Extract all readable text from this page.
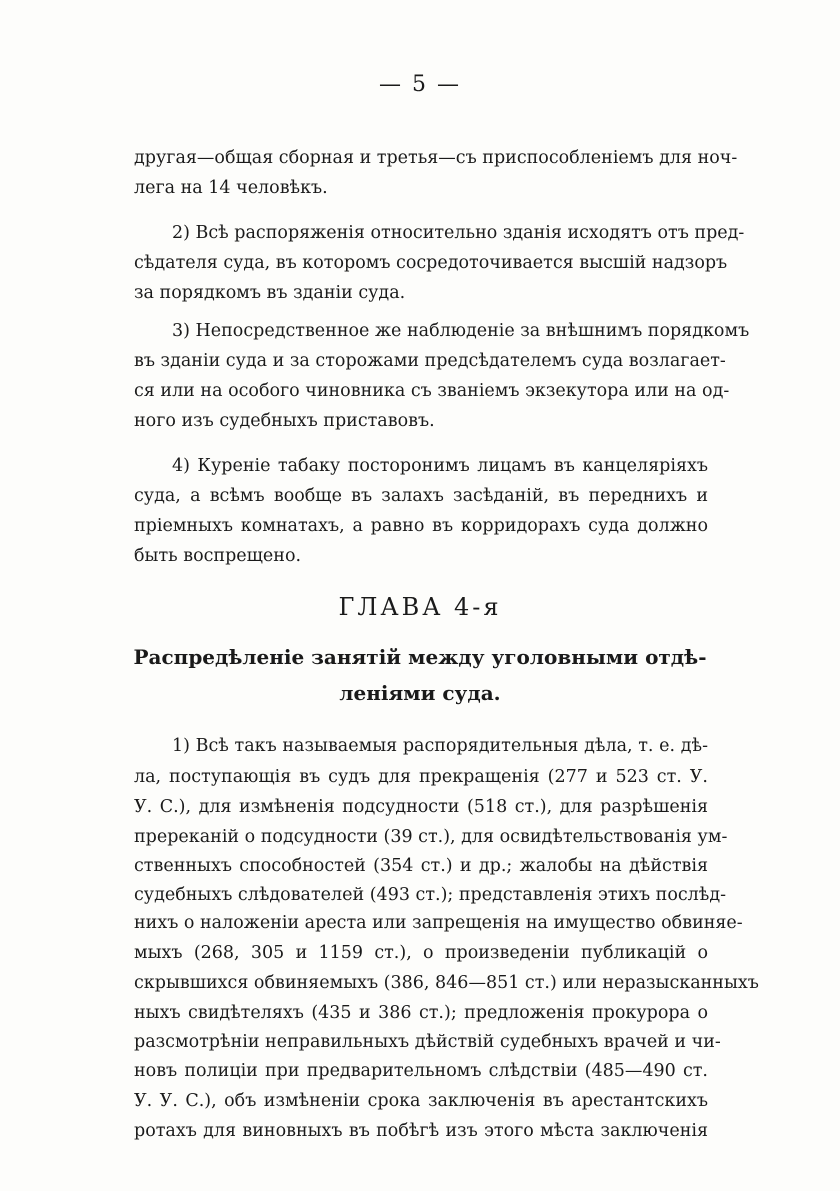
— 5 —
другая—общая сборная и третья—съ приспособленіемъ для ноч-
лега на 14 человѣкъ.
2) Всѣ распоряженія относительно зданія исходятъ отъ пред-
сѣдателя суда, въ которомъ сосредоточивается высшій надзоръ
за порядкомъ въ зданіи суда.
3) Непосредственное же наблюденіе за внѣшнимъ порядкомъ
въ зданіи суда и за сторожами предсѣдателемъ суда возлагает-
ся или на особого чиновника съ званіемъ экзекутора или на од-
ного изъ судебныхъ приставовъ.
4) Куреніе табаку посторонимъ лицамъ въ канцеляріяхъ
суда, а всѣмъ вообще въ залахъ засѣданій, въ переднихъ и
пріемныхъ комнатахъ, а равно въ корридорахъ суда должно
быть воспрещено.
ГЛАВА 4-я
Распредѣленіе занятій между уголовными отдѣ-
леніями суда.
1) Всѣ такъ называемыя распорядительныя дѣла, т. е. дѣ-
ла, поступающія въ судъ для прекращенія (277 и 523 ст. У.
У. С.), для измѣненія подсудности (518 ст.), для разрѣшенія
пререканій о подсудности (39 ст.), для освидѣтельствованія ум-
ственныхъ способностей (354 ст.) и др.; жалобы на дѣйствія
судебныхъ слѣдователей (493 ст.); представленія этихъ послѣд-
нихъ о наложеніи ареста или запрещенія на имущество обвиняе-
мыхъ (268, 305 и 1159 ст.), о произведеніи публикацій о
скрывшихся обвиняемыхъ (386, 846—851 ст.) или неразысканныхъ
ныхъ свидѣтеляхъ (435 и 386 ст.); предложенія прокурора о
разсмотрѣніи неправильныхъ дѣйствій судебныхъ врачей и чи-
новъ полиціи при предварительномъ слѣдствіи (485—490 ст.
У. У. С.), объ измѣненіи срока заключенія въ арестантскихъ
ротахъ для виновныхъ въ побѣгѣ изъ этого мѣста заключенія
